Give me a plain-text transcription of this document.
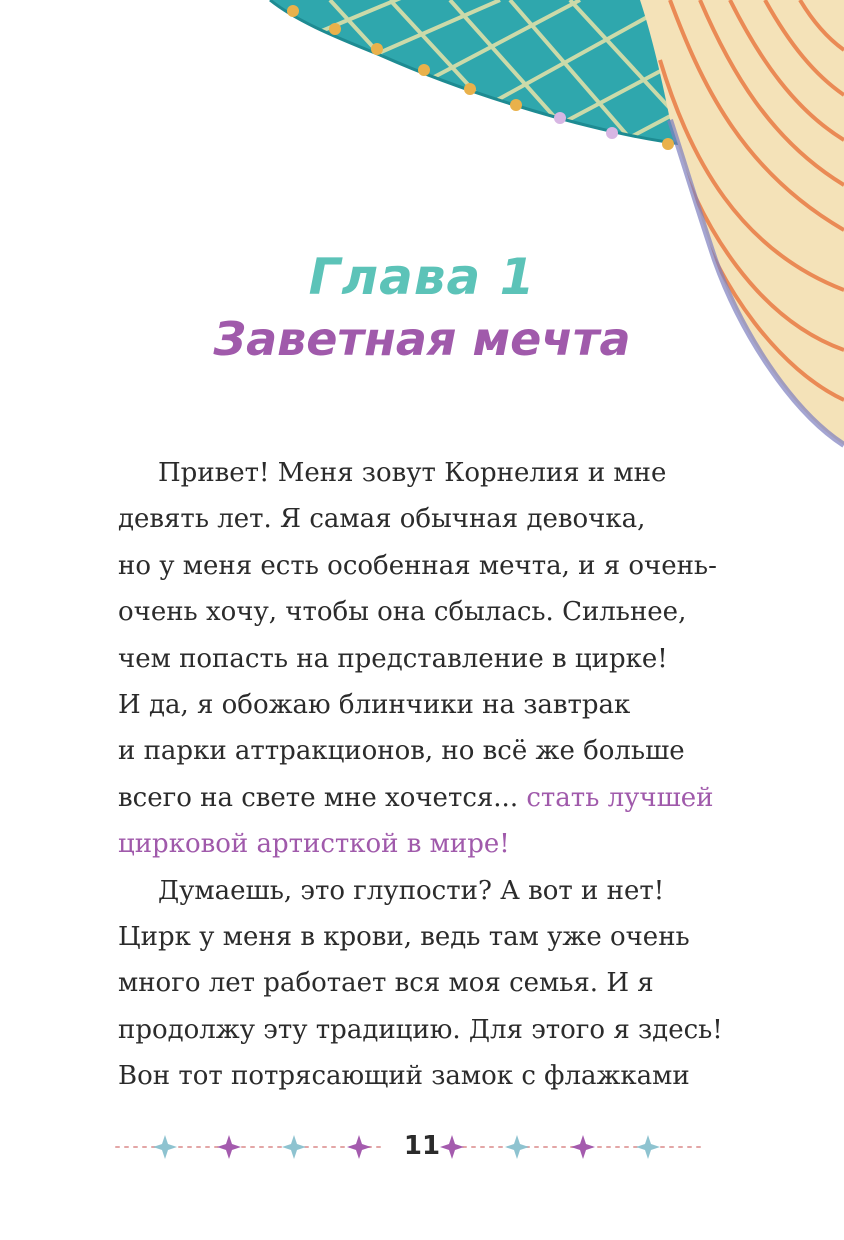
Глава 1
Заветная мечта
Привет! Меня зовут Корнелия и мне
девять лет. Я самая обычная девочка,
но у меня есть особенная мечта, и я очень-
очень хочу, чтобы она сбылась. Сильнее,
чем попасть на представление в цирке!
И да, я обожаю блинчики на завтрак
и парки аттракционов, но всё же больше
всего на свете мне хочется... стать лучшей
цирковой артисткой в мире!
Думаешь, это глупости? А вот и нет!
Цирк у меня в крови, ведь там уже очень
много лет работает вся моя семья. И я
продолжу эту традицию. Для этого я здесь!
Вон тот потрясающий замок с флажками
11
